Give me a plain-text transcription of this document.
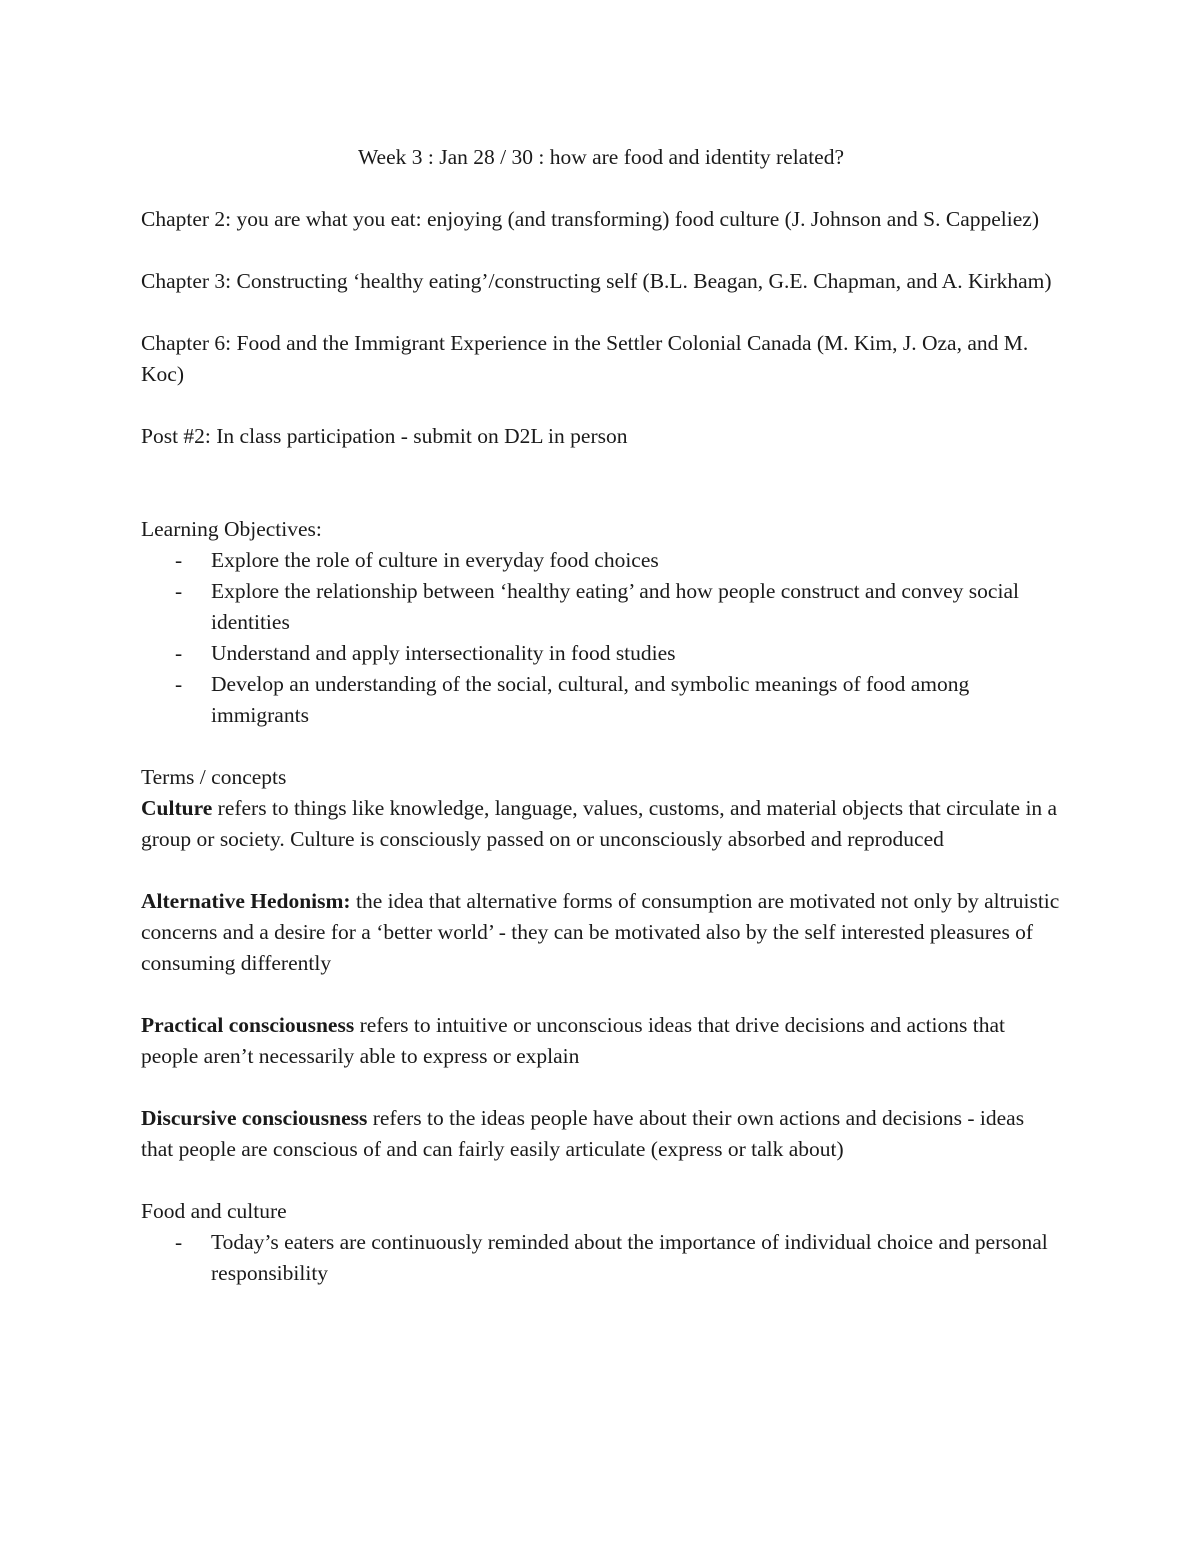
Week 3 : Jan 28 / 30 : how are food and identity related?

Chapter 2: you are what you eat: enjoying (and transforming) food culture (J. Johnson and S. Cappeliez)

Chapter 3: Constructing ‘healthy eating’/constructing self (B.L. Beagan, G.E. Chapman, and A. Kirkham)

Chapter 6: Food and the Immigrant Experience in the Settler Colonial Canada (M. Kim, J. Oza, and M. Koc)

Post #2: In class participation - submit on D2L in person

Learning Objectives:

- Explore the role of culture in everyday food choices
- Explore the relationship between ‘healthy eating’ and how people construct and convey social identities
- Understand and apply intersectionality in food studies
- Develop an understanding of the social, cultural, and symbolic meanings of food among immigrants

Terms / concepts

Culture refers to things like knowledge, language, values, customs, and material objects that circulate in a group or society. Culture is consciously passed on or unconsciously absorbed and reproduced

Alternative Hedonism: the idea that alternative forms of consumption are motivated not only by altruistic concerns and a desire for a ‘better world’ - they can be motivated also by the self interested pleasures of consuming differently

Practical consciousness refers to intuitive or unconscious ideas that drive decisions and actions that people aren’t necessarily able to express or explain

Discursive consciousness refers to the ideas people have about their own actions and decisions - ideas that people are conscious of and can fairly easily articulate (express or talk about)

Food and culture

- Today’s eaters are continuously reminded about the importance of individual choice and personal responsibility
